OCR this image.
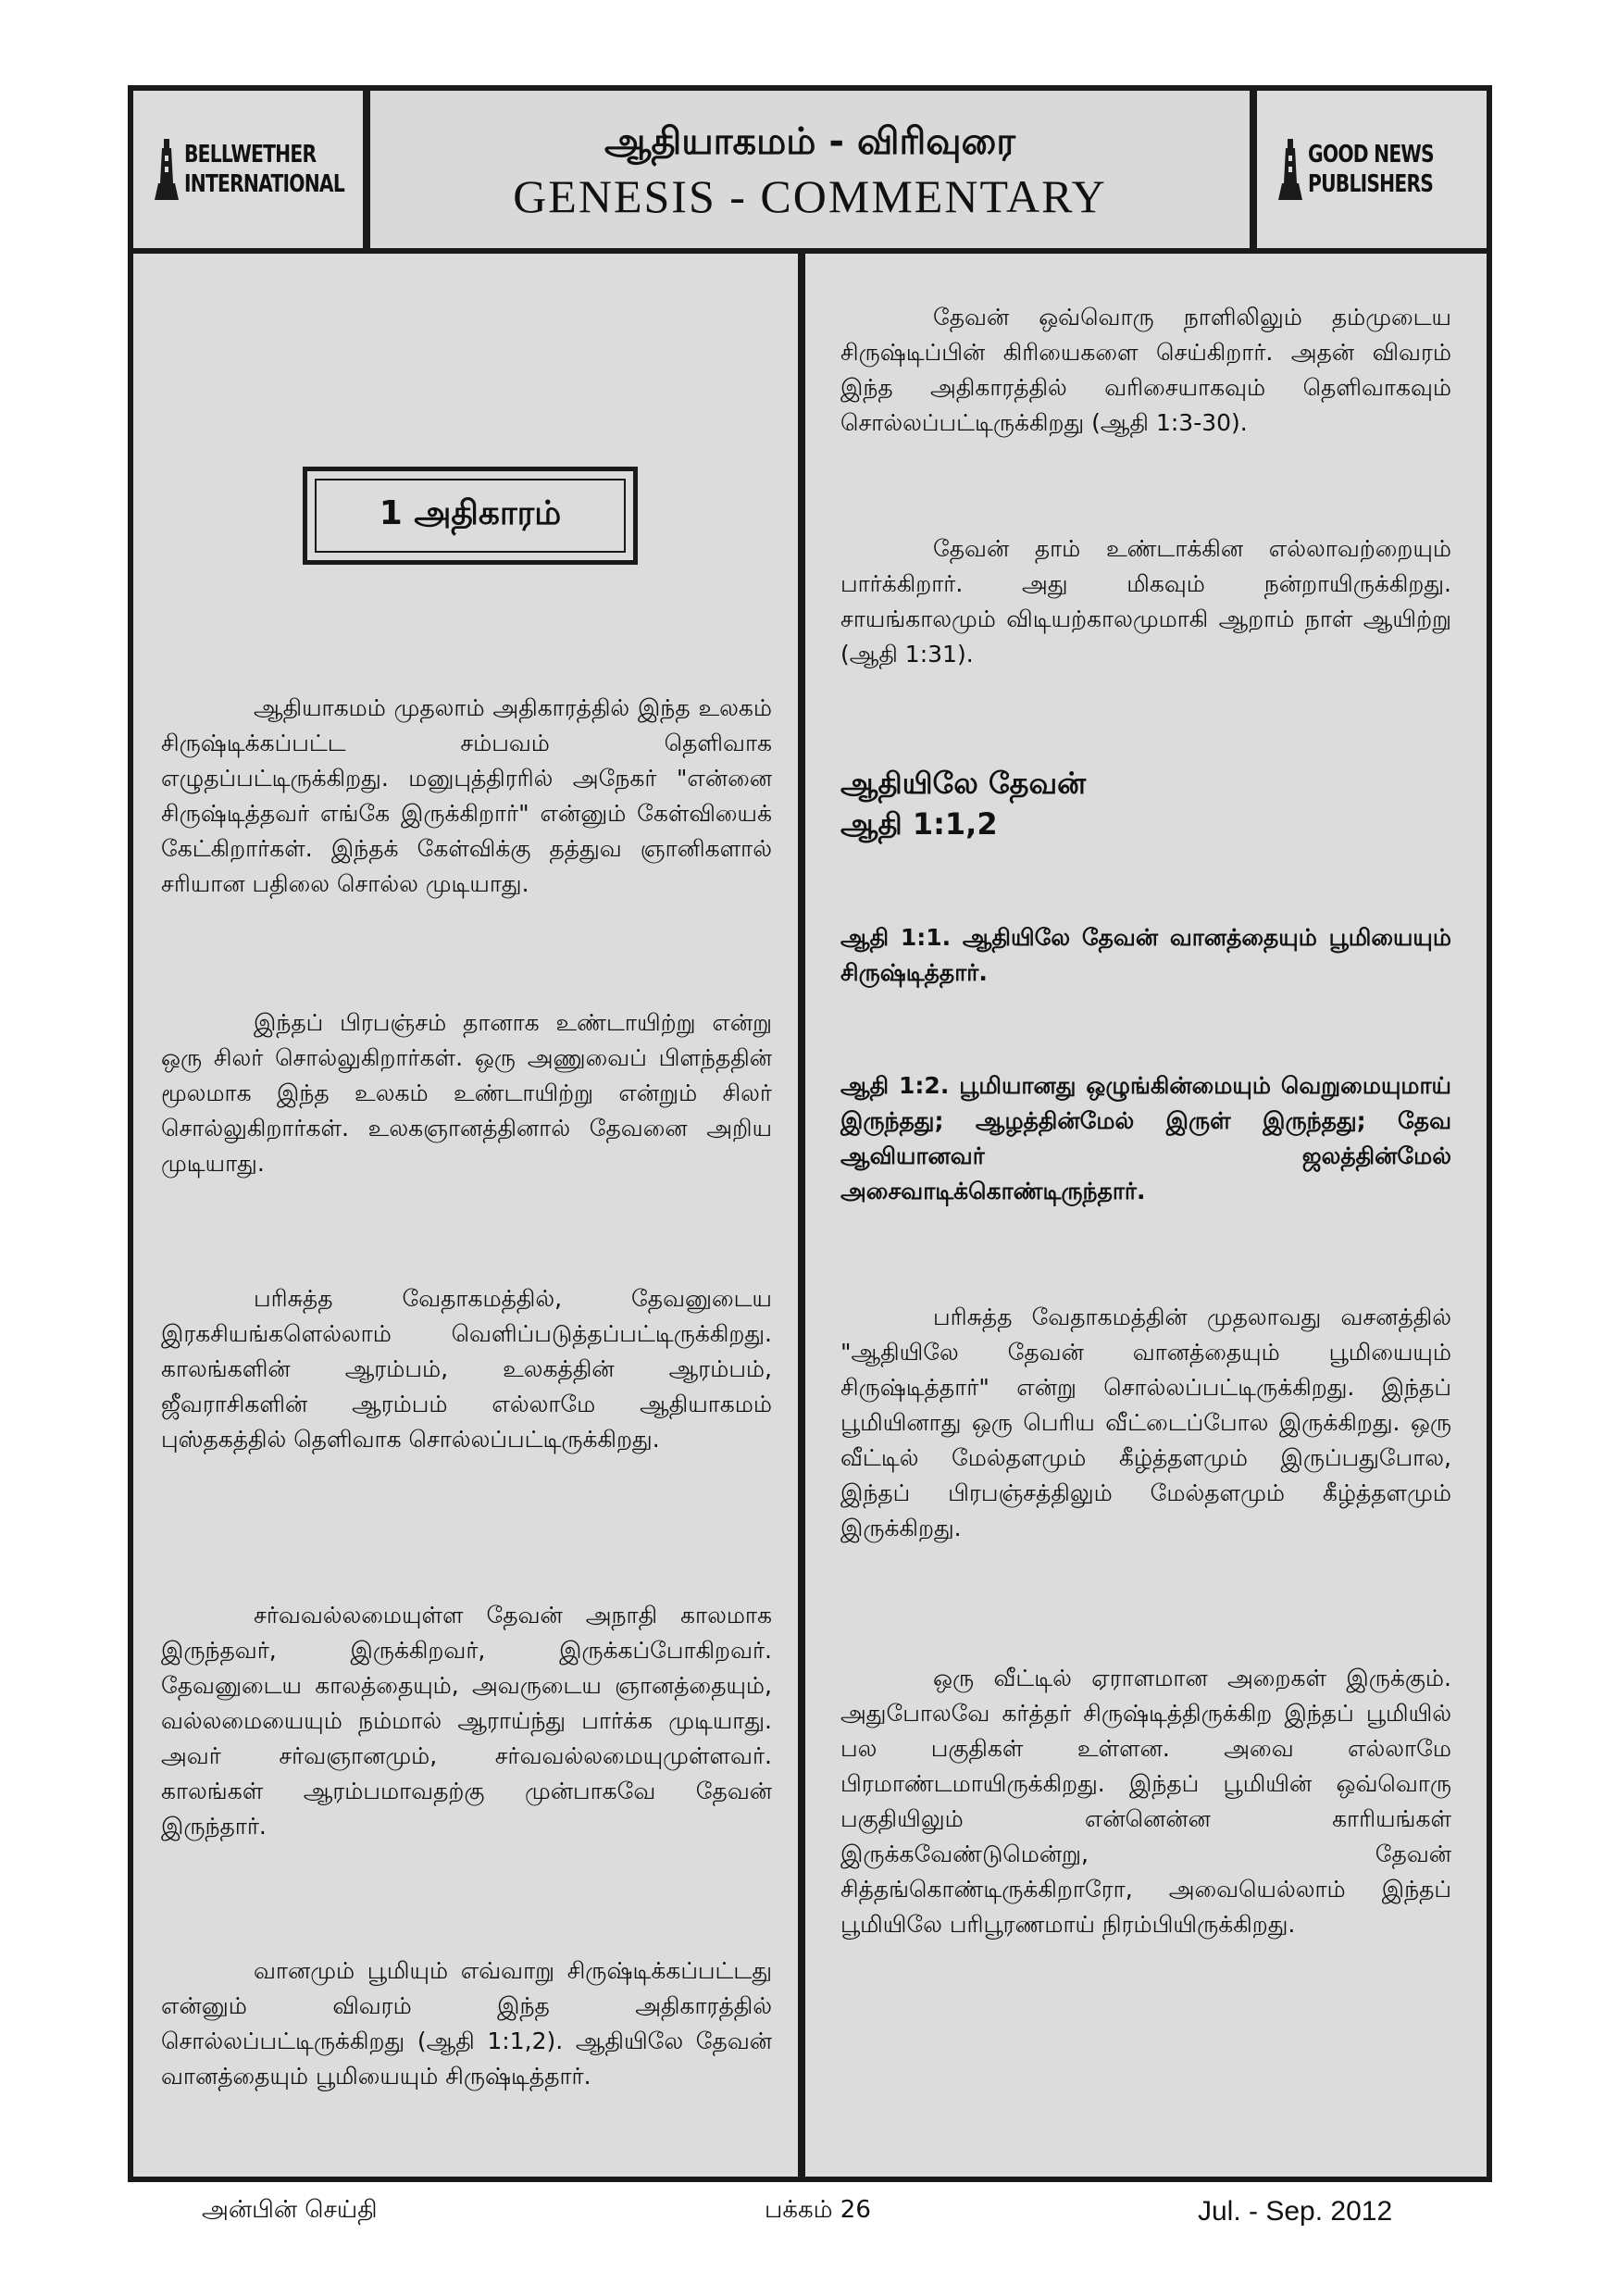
BELLWETHER
INTERNATIONAL
ஆதியாகமம் - விரிவுரை
GENESIS - COMMENTARY
GOOD NEWS
PUBLISHERS
1 அதிகாரம்

ஆதியாகமம் முதலாம் அதிகாரத்தில் இந்த உலகம் சிருஷ்டிக்கப்பட்ட சம்பவம் தெளிவாக எழுதப்பட்டிருக்கிறது. மனுபுத்திரரில் அநேகர் "என்னை சிருஷ்டித்தவர் எங்கே இருக்கிறார்" என்னும் கேள்வியைக் கேட்கிறார்கள். இந்தக் கேள்விக்கு தத்துவ ஞானிகளால் சரியான பதிலை சொல்ல முடியாது.

இந்தப் பிரபஞ்சம் தானாக உண்டாயிற்று என்று ஒரு சிலர் சொல்லுகிறார்கள். ஒரு அணுவைப் பிளந்ததின் மூலமாக இந்த உலகம் உண்டாயிற்று என்றும் சிலர் சொல்லுகிறார்கள். உலகஞானத்தினால் தேவனை அறிய முடியாது.

பரிசுத்த வேதாகமத்தில், தேவனுடைய இரகசியங்களெல்லாம் வெளிப்படுத்தப்பட்டிருக்கிறது. காலங்களின் ஆரம்பம், உலகத்தின் ஆரம்பம், ஜீவராசிகளின் ஆரம்பம் எல்லாமே ஆதியாகமம் புஸ்தகத்தில் தெளிவாக சொல்லப்பட்டிருக்கிறது.

சர்வவல்லமையுள்ள தேவன் அநாதி காலமாக இருந்தவர், இருக்கிறவர், இருக்கப்போகிறவர். தேவனுடைய காலத்தையும், அவருடைய ஞானத்தையும், வல்லமையையும் நம்மால் ஆராய்ந்து பார்க்க முடியாது. அவர் சர்வஞானமும், சர்வவல்லமையுமுள்ளவர். காலங்கள் ஆரம்பமாவதற்கு முன்பாகவே தேவன் இருந்தார்.

வானமும் பூமியும் எவ்வாறு சிருஷ்டிக்கப்பட்டது என்னும் விவரம் இந்த அதிகாரத்தில் சொல்லப்பட்டிருக்கிறது (ஆதி 1:1,2). ஆதியிலே தேவன் வானத்தையும் பூமியையும் சிருஷ்டித்தார்.

தேவன் ஒவ்வொரு நாளிலிலும் தம்முடைய சிருஷ்டிப்பின் கிரியைகளை செய்கிறார். அதன் விவரம் இந்த அதிகாரத்தில் வரிசையாகவும் தெளிவாகவும் சொல்லப்பட்டிருக்கிறது (ஆதி 1:3-30).

தேவன் தாம் உண்டாக்கின எல்லாவற்றையும் பார்க்கிறார். அது மிகவும் நன்றாயிருக்கிறது. சாயங்காலமும் விடியற்காலமுமாகி ஆறாம் நாள் ஆயிற்று (ஆதி 1:31).

ஆதியிலே தேவன்

ஆதி 1:1,2

ஆதி 1:1. ஆதியிலே தேவன் வானத்தையும் பூமியையும் சிருஷ்டித்தார்.

ஆதி 1:2. பூமியானது ஒழுங்கின்மையும் வெறுமையுமாய் இருந்தது; ஆழத்தின்மேல் இருள் இருந்தது; தேவ ஆவியானவர் ஜலத்தின்மேல் அசைவாடிக்கொண்டிருந்தார்.

பரிசுத்த வேதாகமத்தின் முதலாவது வசனத்தில் "ஆதியிலே தேவன் வானத்தையும் பூமியையும் சிருஷ்டித்தார்" என்று சொல்லப்பட்டிருக்கிறது. இந்தப் பூமியினாது ஒரு பெரிய வீட்டைப்போல இருக்கிறது. ஒரு வீட்டில் மேல்தளமும் கீழ்த்தளமும் இருப்பதுபோல, இந்தப் பிரபஞ்சத்திலும் மேல்தளமும் கீழ்த்தளமும் இருக்கிறது.

ஒரு வீட்டில் ஏராளமான அறைகள் இருக்கும். அதுபோலவே கர்த்தர் சிருஷ்டித்திருக்கிற இந்தப் பூமியில் பல பகுதிகள் உள்ளன. அவை எல்லாமே பிரமாண்டமாயிருக்கிறது. இந்தப் பூமியின் ஒவ்வொரு பகுதியிலும் என்னென்ன காரியங்கள் இருக்கவேண்டுமென்று, தேவன் சித்தங்கொண்டிருக்கிறாரோ, அவையெல்லாம் இந்தப் பூமியிலே பரிபூரணமாய் நிரம்பியிருக்கிறது.

அன்பின் செய்தி	பக்கம் 26	Jul. - Sep. 2012
